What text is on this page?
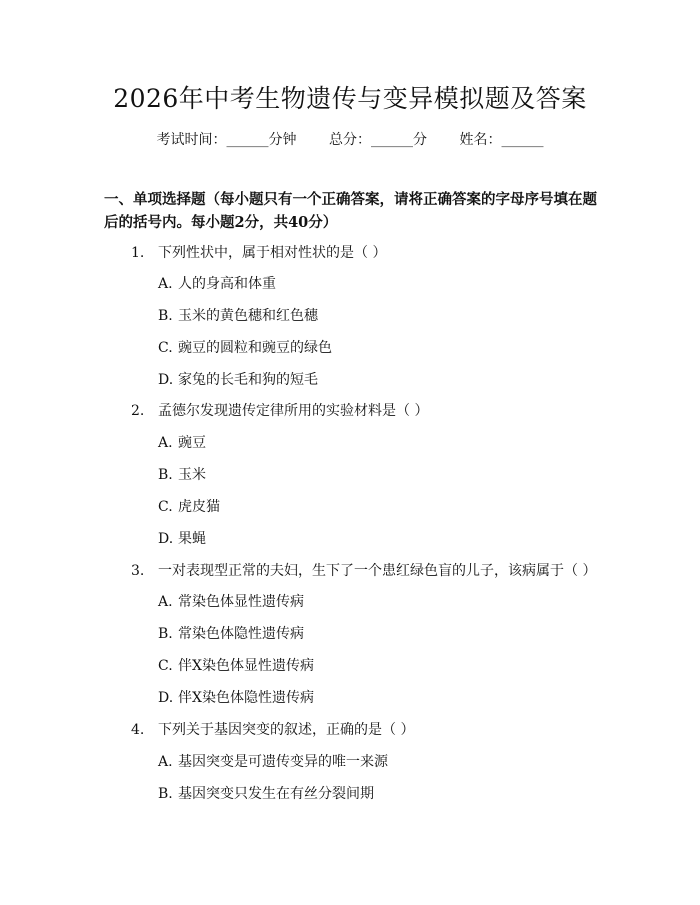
2026年中考生物遗传与变异模拟题及答案
考试时间：______分钟 总分：______分 姓名：______
一、单项选择题（每小题只有一个正确答案，请将正确答案的字母序号填在题后的括号内。每小题2分，共40分）
1. 下列性状中，属于相对性状的是（ ）
A. 人的身高和体重
B. 玉米的黄色穗和红色穗
C. 豌豆的圆粒和豌豆的绿色
D. 家兔的长毛和狗的短毛
2. 孟德尔发现遗传定律所用的实验材料是（ ）
A. 豌豆
B. 玉米
C. 虎皮猫
D. 果蝇
3. 一对表现型正常的夫妇，生下了一个患红绿色盲的儿子，该病属于（ ）
A. 常染色体显性遗传病
B. 常染色体隐性遗传病
C. 伴X染色体显性遗传病
D. 伴X染色体隐性遗传病
4. 下列关于基因突变的叙述，正确的是（ ）
A. 基因突变是可遗传变异的唯一来源
B. 基因突变只发生在有丝分裂间期
